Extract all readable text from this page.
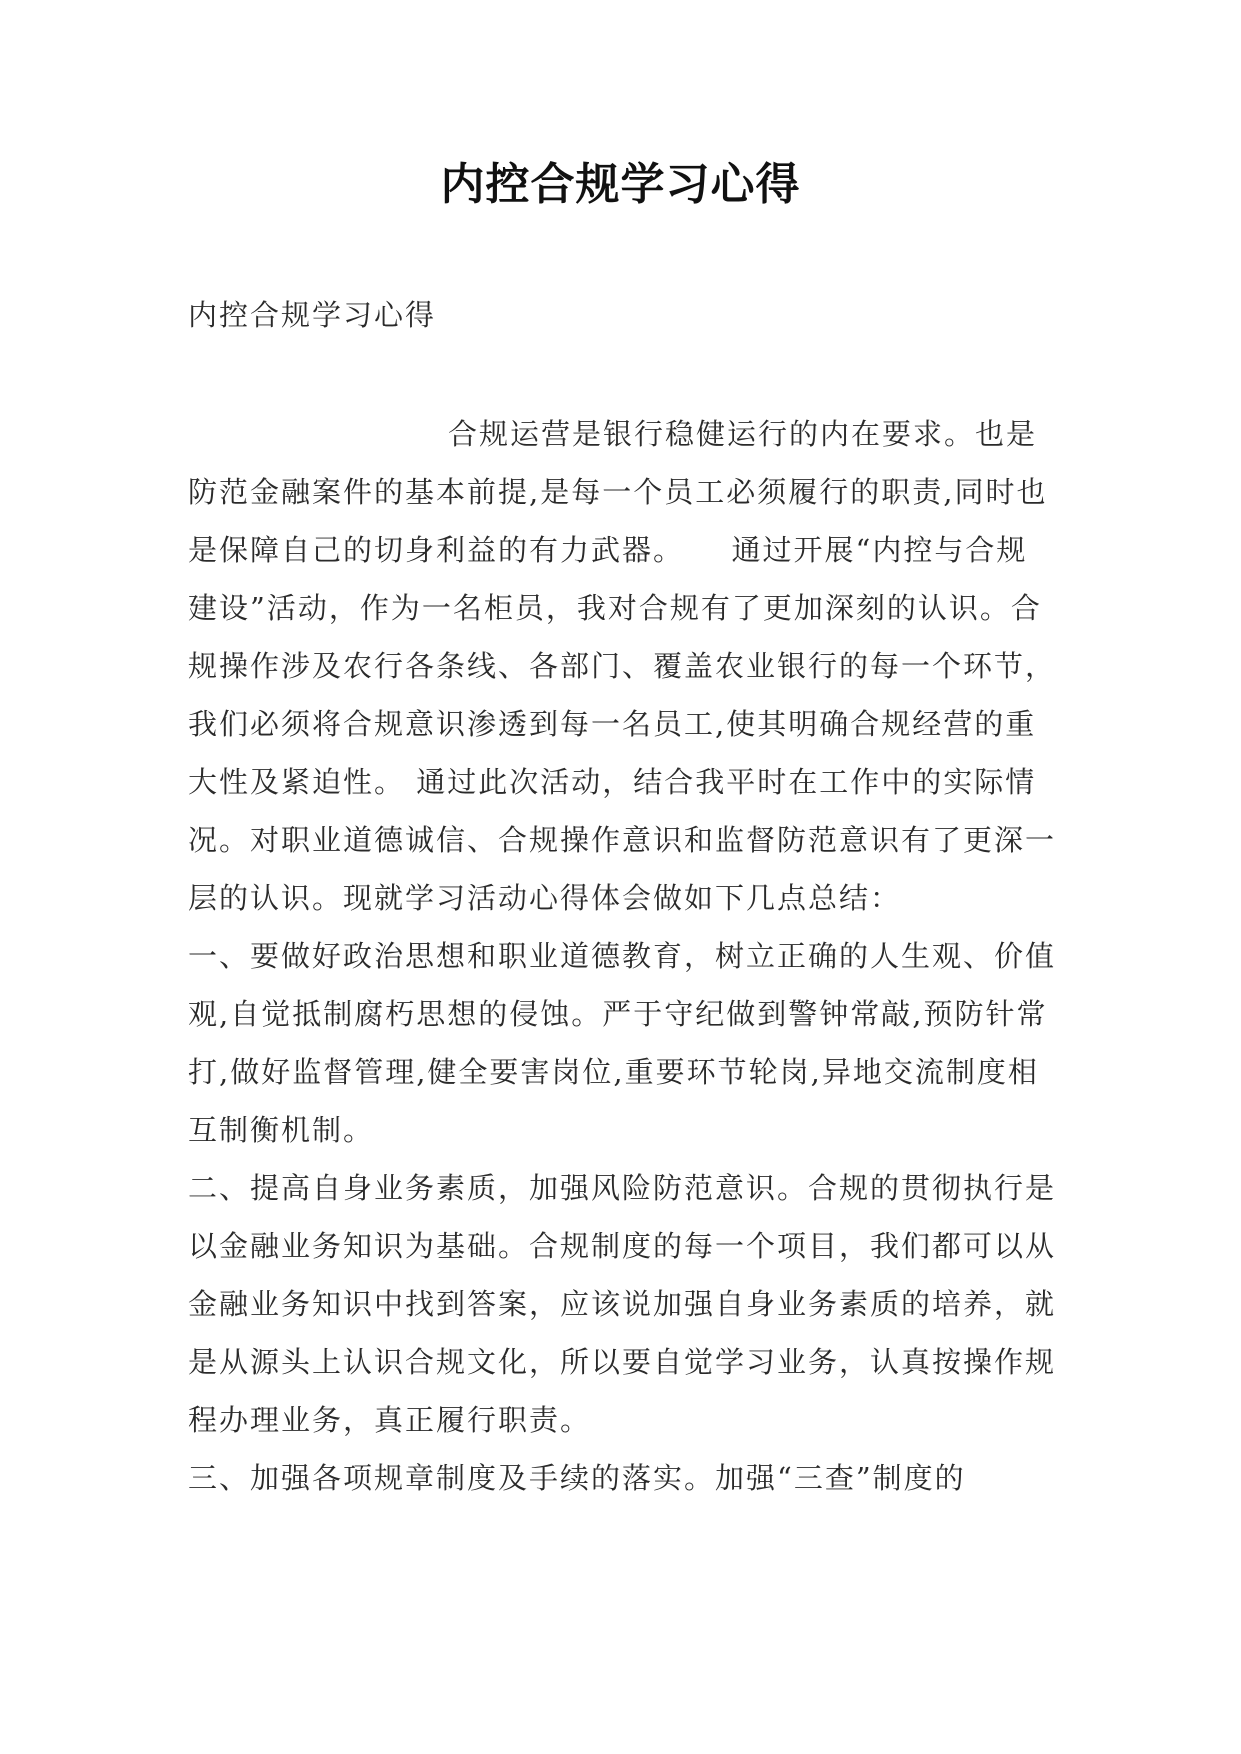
内控合规学习心得
内控合规学习心得

合规运营是银行稳健运行的内在要求。也是防范金融案件的基本前提,是每一个员工必须履行的职责,同时也是保障自己的切身利益的有力武器。　　通过开展“内控与合规建设”活动，作为一名柜员，我对合规有了更加深刻的认识。合规操作涉及农行各条线、各部门、覆盖农业银行的每一个环节，我们必须将合规意识渗透到每一名员工,使其明确合规经营的重大性及紧迫性。 通过此次活动，结合我平时在工作中的实际情况。对职业道德诚信、合规操作意识和监督防范意识有了更深一层的认识。现就学习活动心得体会做如下几点总结：

一、要做好政治思想和职业道德教育，树立正确的人生观、价值观,自觉抵制腐朽思想的侵蚀。严于守纪做到警钟常敲,预防针常打,做好监督管理,健全要害岗位,重要环节轮岗,异地交流制度相互制衡机制。

二、提高自身业务素质，加强风险防范意识。合规的贯彻执行是以金融业务知识为基础。合规制度的每一个项目，我们都可以从金融业务知识中找到答案，应该说加强自身业务素质的培养，就是从源头上认识合规文化，所以要自觉学习业务，认真按操作规程办理业务，真正履行职责。

三、加强各项规章制度及手续的落实。加强“三查”制度的
